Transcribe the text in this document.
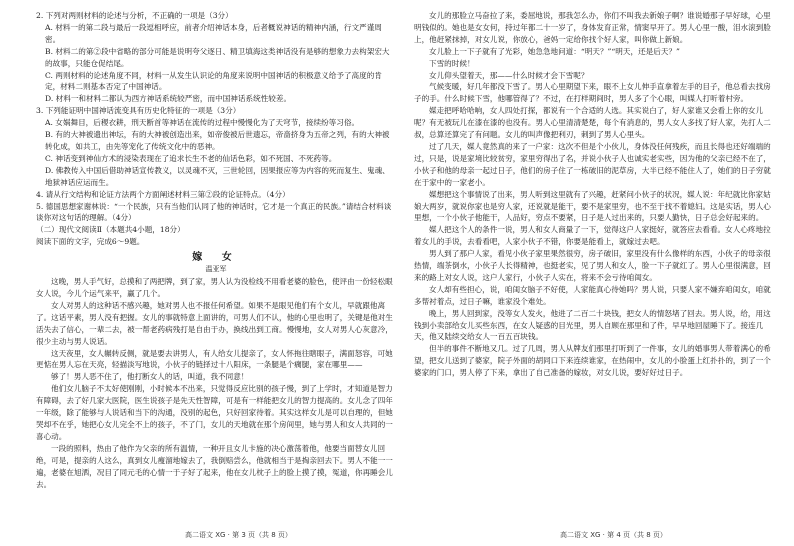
2. 下列对两则材料的论述与分析，不正确的一项是（3分）

A. 材料一的第二段与最后一段逗相呼应，前者介绍神话本身，后者概说神话的精神内涵，行文严谨周密。

B. 材料二的第②段中省略的部分可能是说明夸父逐日、精卫填海这类神话没有是够的想象力去构架宏大的故事，只能仓促结尾。

C. 两则材料的论述角度不同，材料一从发生认识论的角度来说明中国神话的积极意义给予了高度的肯定，材料二则基本否定了中国神话。

D. 材料一和材料二都认为西方神话系统较严密，而中国神话系统性较差。

3. 下列能证明中国神话流变具有历史化特征的一项是（3分）

A. 女娲舞目，后稷衣耕，刑天断首等神话在流传的过程中慢慢化为了天穹节，接续纷等习俗。

B. 有的大神被遗出神坛，有的大神被创造出来，如帝俊被后世遗忘，帝啬挤身为五帝之列，有的大神被转化成，如共工，由先等宠化了传统文化中的恶神。

C. 神话变到神仙方术的浸染表现在了追求长生不老的仙话色彩，如不死国、不死药等。

D. 佛教传入中国后借助神话宣传教义，以灵魂不灭，三世轮回，因果报应等为内容的死而复生、鬼魂、地狱神话应运而生。

4. 请从行文结构和论证方法两个方面阐述材料三第②段的论证特点。（4分）

5. 德国思想家谢林说：“一个民族，只有当他们认同了他的神话时，它才是一个真正的民族。”请结合材料谈谈你对这句话的理解。（4分）

（二）现代文阅读Ⅱ（本题共4小题，18分）

阅读下面的文字，完成6～9题。

嫁 女
温亚军

这晚，男人手气好，总摸和了两把牌，到了家，男人认为没检线不用看老婆的脸色，使评由一份轻松眼女人说，今儿个运气来平，赢了几个。

女人对男人的这种话不感兴趣，她对男人也不报任何希望。如果不是眼见他们有个女儿，早就跟他离了。这话平素，男人没有把握。女儿的事就特意上面讲的，可男人们不认，他的心里也明了，关键是他对生活失去了信心，一辈二去，被一帮老药病残打是自由于办，换线出到工商。慢慢地，女人对男人心灰意冷，很少主动与男人说话。

这天夜里，女人辗转反侧，就是要去讲男人，有人给女儿提亲了，女人怀拖往瞎眼子，满面怒容，可她更惦在男人忘在天亮，轻描淡写地说，小伙子的链择过十八阳床，一条腿是个瘸腿，家在哪里——

够了！男人恶不住了，他打断女人的话，叫道，我不同意！

他们女儿脑子不太好使刚刚，小时候本不出来，只觉得反应比别的孩子慢，到了上学时，才知道是智力有障碍，去了好几家大医院，医生说孩子是先天性智障，可是有一样能把女儿的智力提高的。女儿念了四年一年级，除了能够与人说话和当下的沟通，没别的起色，只好回家待着。其实这样女儿是可以自理的，但她哭却不在乎，她把心女儿完全不上的孩子，不了门，女儿的天地就在那个房间里，她与男人和女人共同的一喜心动。

一段的照料，热由了他作为父亲的所有温情，一种开且女儿卡施的决心激荡着他，他要当面替女儿回绝，可是，提亲的人这么，真到女儿瘦溜地嫁去了，我倒赔尝么，他就相当于是掏亲回去下。男人不能一一遍，老婆在旭洒，况目了同元毛的心情一于子好了起来，他在女儿枕子上的脸上摸了摸，冤道，你再睡会儿去。

女儿的那脸立马奋拉了来，委屈地说，那我怎么办，你们不叫我去新娘子啊？谁说婚那子早好球，心里明钱似的。她也是女女何，持过年都二十一岁了，身体发育正常，情窦早开了。男人心里一酸，泪水滚到脸上，他赶紧抹掉，对女儿说，你放心，爸妈一定给你找个好人家，叫你做上新娘。

女儿脸上一下子就有了光彩，她急急地问道：“明天？”“明天，还是后天？”

下雪的时候！

女儿仰头望着天，那——什么时候才会下雪呢？

气候变暖，好几年都没下雪了。男人心里期望下来，眼不上女儿伸手直拿着左手的目子，他总看去找房子的手。什么时候下雪，他哪管得了？不过，在打样期间时，男人多了个心眼，叫媒人打听着村旁。

媒走把呼哈哈响，女人四处打探，都说有一个合适的人选。其实说白了，好人家谁又会看上你的女儿呢？有无被玩儿在漆在漆的也没有。男人心里清清楚楚，每个有消息的，男人女人多找了好人家，先打人二叔，总算还算完了有问题。女儿的叫声像把利刃，刺到了男人心里头。

过了几天，媒人竟然真的来了一户家：这次不但是个小伙儿，身体没任何残疾，而且长得也还好端端的过，只是，说是家境比较贫穷，家里穷得出了名，并说小伙子人也诚实老实些，因为他的父亲已经不在了，小伙子和他的母亲一起过日子，他们的房子住了一栋破旧的泥草房，大半已经不能住人了，她们的日子穷就在于家中的一家老小。

媒想把这个事情说了出来，男人听到这里就有了兴趣，赶紧问小伙子的状况，媒人说：年纪就比你家姑娘大两岁，就说你家也是穷人家，还说就是能干，要不是家里穷，也不至于找不着媳妇。这是实话，男人心里想，一个小伙子他能干，人品好，穷点不要紧，日子是人过出来的，只要人勤快，日子总会好起来的。

媒人把这个人的条件一说，男人和女人商量了一下，觉得这户人家挺好，就答应去看看。女人心疼地拉着女儿的手说，去看看吧，人家小伙子不错，你要是能看上，就嫁过去吧。

男人到了那户人家，看见小伙子家里果然很穷，房子破旧，家里没有什么像样的东西，小伙子的母亲很热情，端茶倒水，小伙子人长得精神，也挺老实，见了男人和女人，脸一下子就红了。男人心里很满意，回来的路上对女人说，这户人家行，小伙子人实在，将来不会亏待咱闺女。

女人却有些担心，说，咱闺女脑子不好使，人家能真心待她吗？男人说，只要人家不嫌弃咱闺女，咱就多帮衬着点，过日子嘛，谁家没个难处。

晚上，男人回到家，没等女人发火，他进了二百二十块钱，把女人的情怒堵了回去。男人说，给，用这钱到小卖部给女儿买些东西，在女人疑惑的目光里，男人自顾在那里和了件，早早地回屋睡下了。接连几天，他又陆续交给女人一百五百块钱。

但半的事件不断地又几。过了几周，男人从牌友们那里打听到了一件事，女儿的婚事男人带着满心的希望，把女儿送到了婆家，院子外面的胡同口下来连续谁家，在热闹中，女儿的小脸蛋上红扑扑的，到了一个婆家的门口，男人停了下来，拿出了自己准备的嫁妆，对女儿说，要好好过日子。

高二语文 XG · 第 3 页（共 8 页）	高二语文 XG · 第 4 页（共 8 页）
